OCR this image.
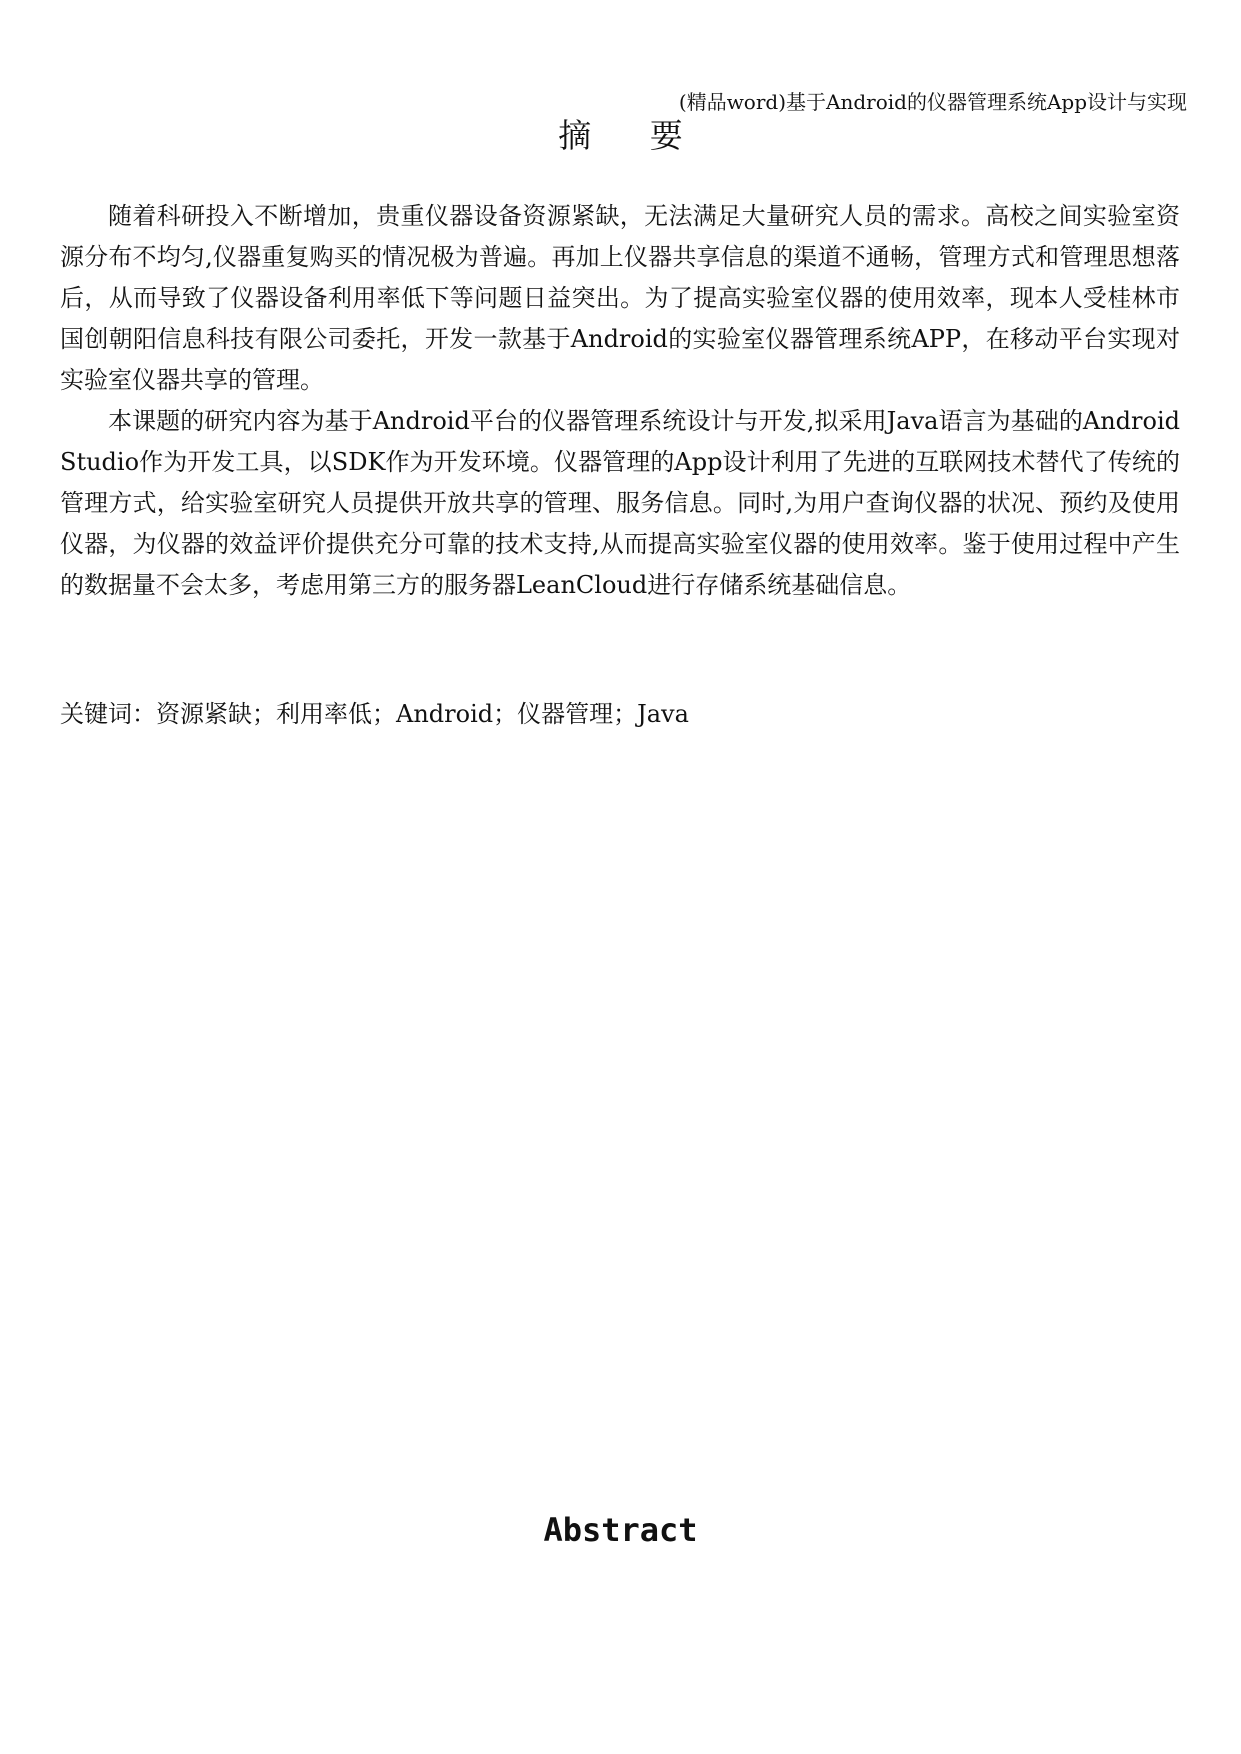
(精品word)基于Android的仪器管理系统App设计与实现
摘 要

随着科研投入不断增加，贵重仪器设备资源紧缺，无法满足大量研究人员的需求。高校之间实验室资源分布不均匀,仪器重复购买的情况极为普遍。再加上仪器共享信息的渠道不通畅，管理方式和管理思想落后，从而导致了仪器设备利用率低下等问题日益突出。为了提高实验室仪器的使用效率，现本人受桂林市国创朝阳信息科技有限公司委托，开发一款基于Android的实验室仪器管理系统APP，在移动平台实现对实验室仪器共享的管理。

本课题的研究内容为基于Android平台的仪器管理系统设计与开发,拟采用Java语言为基础的Android Studio作为开发工具，以SDK作为开发环境。仪器管理的App设计利用了先进的互联网技术替代了传统的管理方式，给实验室研究人员提供开放共享的管理、服务信息。同时,为用户查询仪器的状况、预约及使用仪器，为仪器的效益评价提供充分可靠的技术支持,从而提高实验室仪器的使用效率。鉴于使用过程中产生的数据量不会太多，考虑用第三方的服务器LeanCloud进行存储系统基础信息。

关键词：资源紧缺；利用率低；Android；仪器管理；Java
Abstract
